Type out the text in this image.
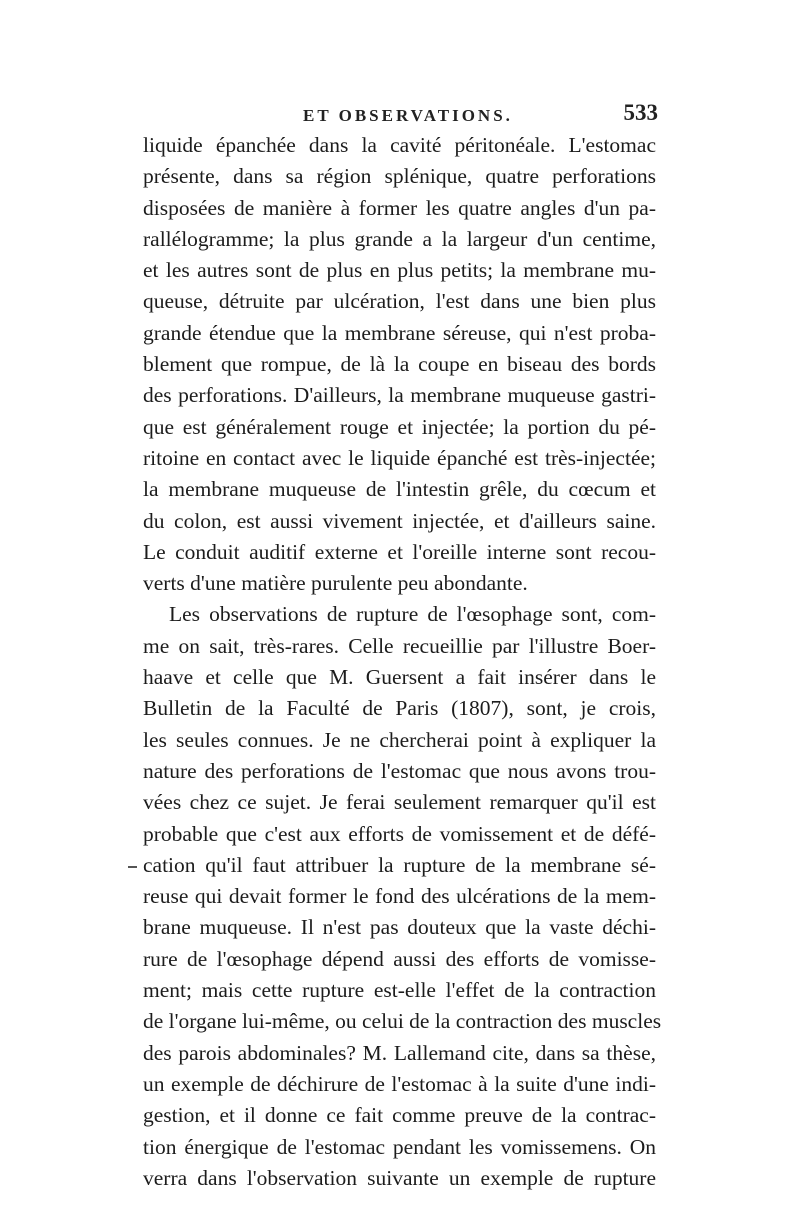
ET OBSERVATIONS.	533
liquide épanchée dans la cavité péritonéale. L'estomac
présente, dans sa région splénique, quatre perforations
disposées de manière à former les quatre angles d'un pa-
rallélogramme; la plus grande a la largeur d'un centime,
et les autres sont de plus en plus petits; la membrane mu-
queuse, détruite par ulcération, l'est dans une bien plus
grande étendue que la membrane séreuse, qui n'est proba-
blement que rompue, de là la coupe en biseau des bords
des perforations. D'ailleurs, la membrane muqueuse gastri-
que est généralement rouge et injectée; la portion du pé-
ritoine en contact avec le liquide épanché est très-injectée;
la membrane muqueuse de l'intestin grêle, du cœcum et
du colon, est aussi vivement injectée, et d'ailleurs saine.
Le conduit auditif externe et l'oreille interne sont recou-
verts d'une matière purulente peu abondante.
Les observations de rupture de l'œsophage sont, com-
me on sait, très-rares. Celle recueillie par l'illustre Boer-
haave et celle que M. Guersent a fait insérer dans le
Bulletin de la Faculté de Paris (1807), sont, je crois,
les seules connues. Je ne chercherai point à expliquer la
nature des perforations de l'estomac que nous avons trou-
vées chez ce sujet. Je ferai seulement remarquer qu'il est
probable que c'est aux efforts de vomissement et de défé-
cation qu'il faut attribuer la rupture de la membrane sé-
reuse qui devait former le fond des ulcérations de la mem-
brane muqueuse. Il n'est pas douteux que la vaste déchi-
rure de l'œsophage dépend aussi des efforts de vomisse-
ment; mais cette rupture est-elle l'effet de la contraction
de l'organe lui-même, ou celui de la contraction des muscles
des parois abdominales? M. Lallemand cite, dans sa thèse,
un exemple de déchirure de l'estomac à la suite d'une indi-
gestion, et il donne ce fait comme preuve de la contrac-
tion énergique de l'estomac pendant les vomissemens. On
verra dans l'observation suivante un exemple de rupture
